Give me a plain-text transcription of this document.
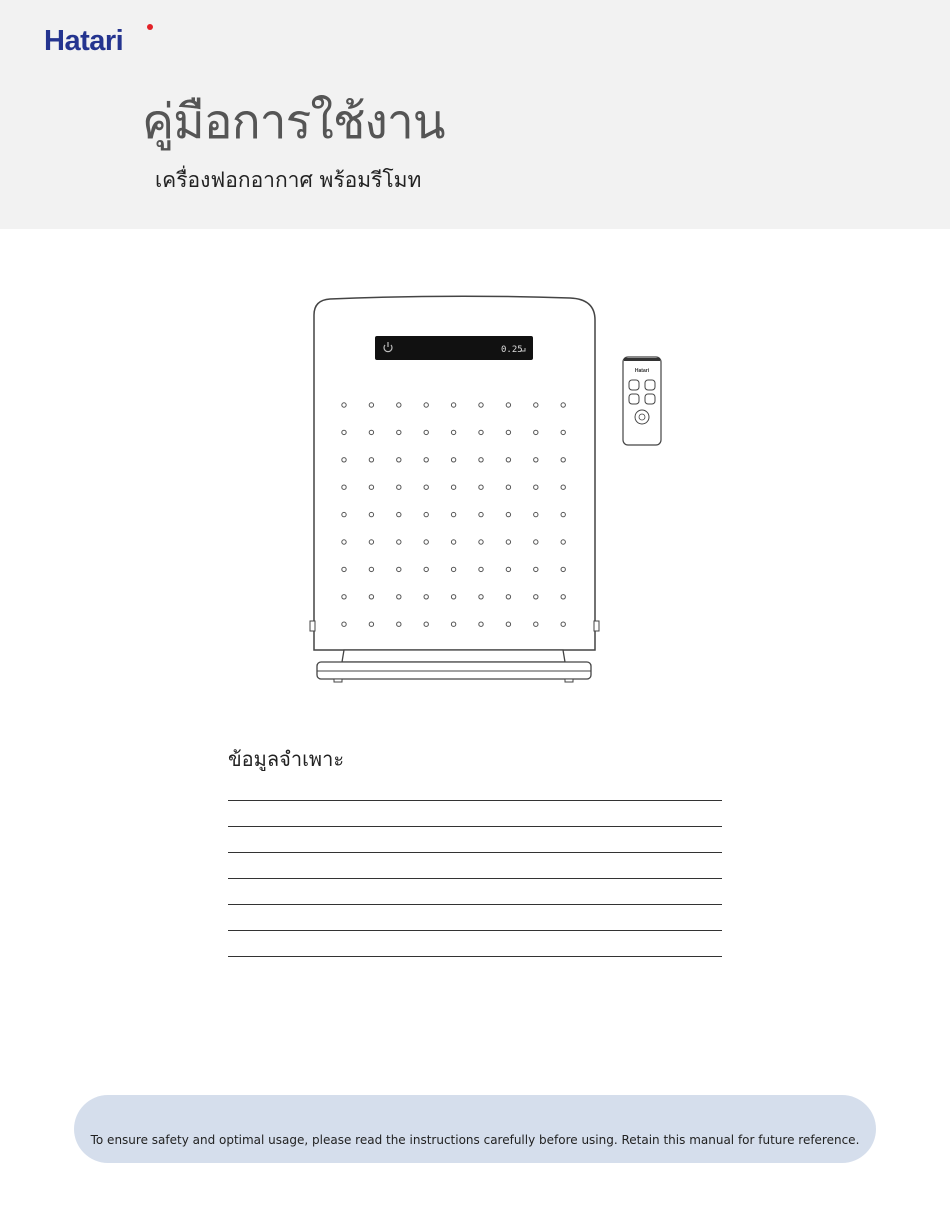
Hatari
คู่มือการใช้งาน
เครื่องฟอกอากาศ พร้อมรีโมท
0.25
Hatari
ข้อมูลจำเพาะ
To ensure safety and optimal usage, please read the instructions carefully before using. Retain this manual for future reference.
